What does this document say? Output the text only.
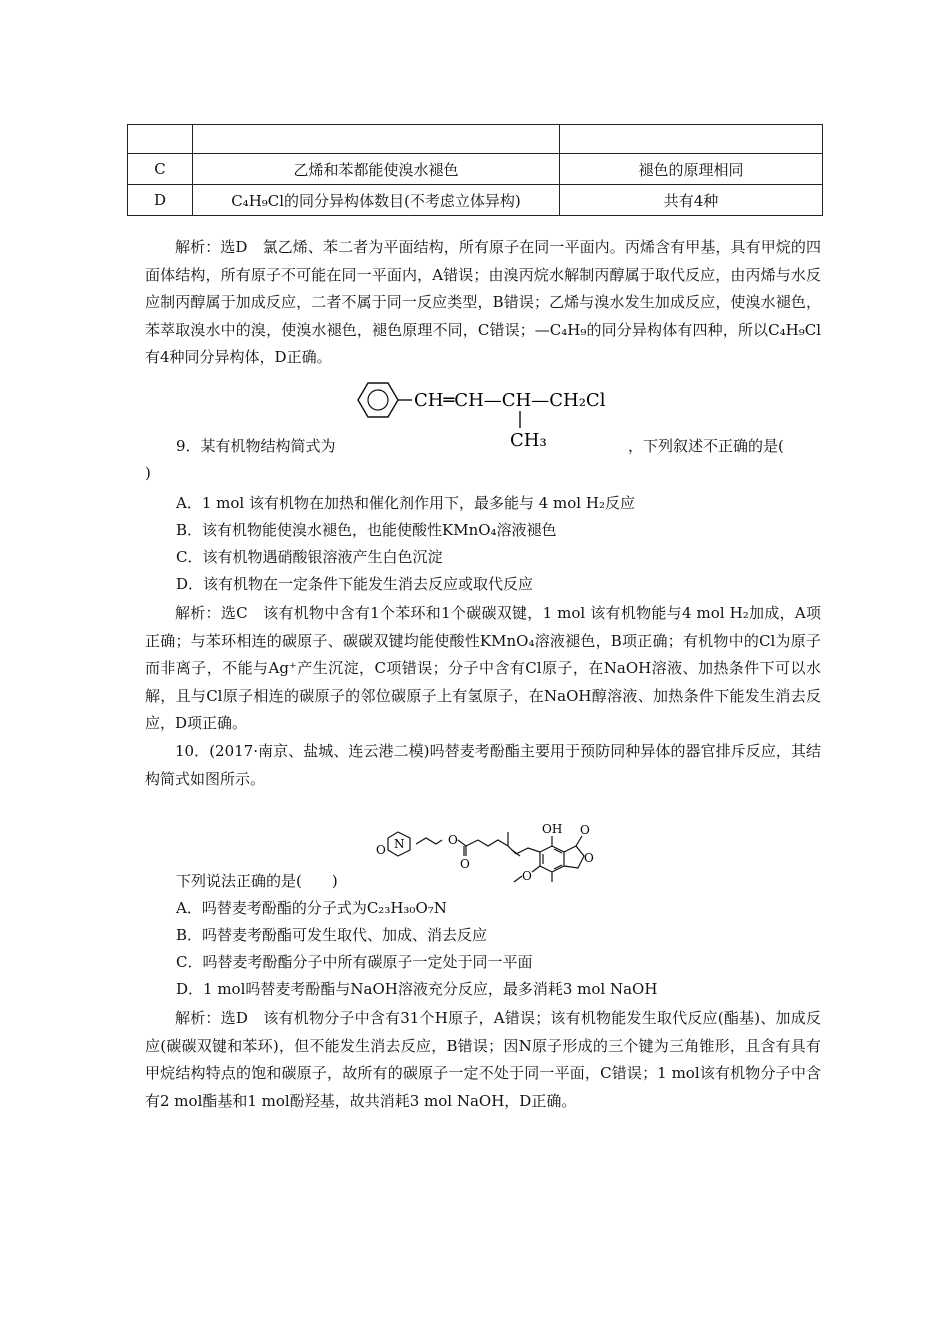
C	乙烯和苯都能使溴水褪色	褪色的原理相同
D	C₄H₉Cl的同分异构体数目(不考虑立体异构)	共有4种
解析：选D　氯乙烯、苯二者为平面结构，所有原子在同一平面内。丙烯含有甲基，具有甲烷的四面体结构，所有原子不可能在同一平面内，A错误；由溴丙烷水解制丙醇属于取代反应，由丙烯与水反应制丙醇属于加成反应，二者不属于同一反应类型，B错误；乙烯与溴水发生加成反应，使溴水褪色，苯萃取溴水中的溴，使溴水褪色，褪色原理不同，C错误；—C₄H₉的同分异构体有四种，所以C₄H₉Cl有4种同分异构体，D正确。
CH═CH—CH—CH₂Cl
CH₃
9．某有机物结构简式为	，下列叙述不正确的是(
)
A．1 mol 该有机物在加热和催化剂作用下，最多能与 4 mol H₂反应
B．该有机物能使溴水褪色，也能使酸性KMnO₄溶液褪色
C．该有机物遇硝酸银溶液产生白色沉淀
D．该有机物在一定条件下能发生消去反应或取代反应
解析：选C　该有机物中含有1个苯环和1个碳碳双键，1 mol 该有机物能与4 mol H₂加成，A项正确；与苯环相连的碳原子、碳碳双键均能使酸性KMnO₄溶液褪色，B项正确；有机物中的Cl为原子而非离子，不能与Ag⁺产生沉淀，C项错误；分子中含有Cl原子，在NaOH溶液、加热条件下可以水解，且与Cl原子相连的碳原子的邻位碳原子上有氢原子，在NaOH醇溶液、加热条件下能发生消去反应，D项正确。
10．(2017·南京、盐城、连云港二模)吗替麦考酚酯主要用于预防同种异体的器官排斥反应，其结构简式如图所示。
N
O
O
O
OH
O
O
O
下列说法正确的是(　　)
A．吗替麦考酚酯的分子式为C₂₃H₃₀O₇N
B．吗替麦考酚酯可发生取代、加成、消去反应
C．吗替麦考酚酯分子中所有碳原子一定处于同一平面
D．1 mol吗替麦考酚酯与NaOH溶液充分反应，最多消耗3 mol NaOH
解析：选D　该有机物分子中含有31个H原子，A错误；该有机物能发生取代反应(酯基)、加成反应(碳碳双键和苯环)，但不能发生消去反应，B错误；因N原子形成的三个键为三角锥形，且含有具有甲烷结构特点的饱和碳原子，故所有的碳原子一定不处于同一平面，C错误；1 mol该有机物分子中含有2 mol酯基和1 mol酚羟基，故共消耗3 mol NaOH，D正确。
